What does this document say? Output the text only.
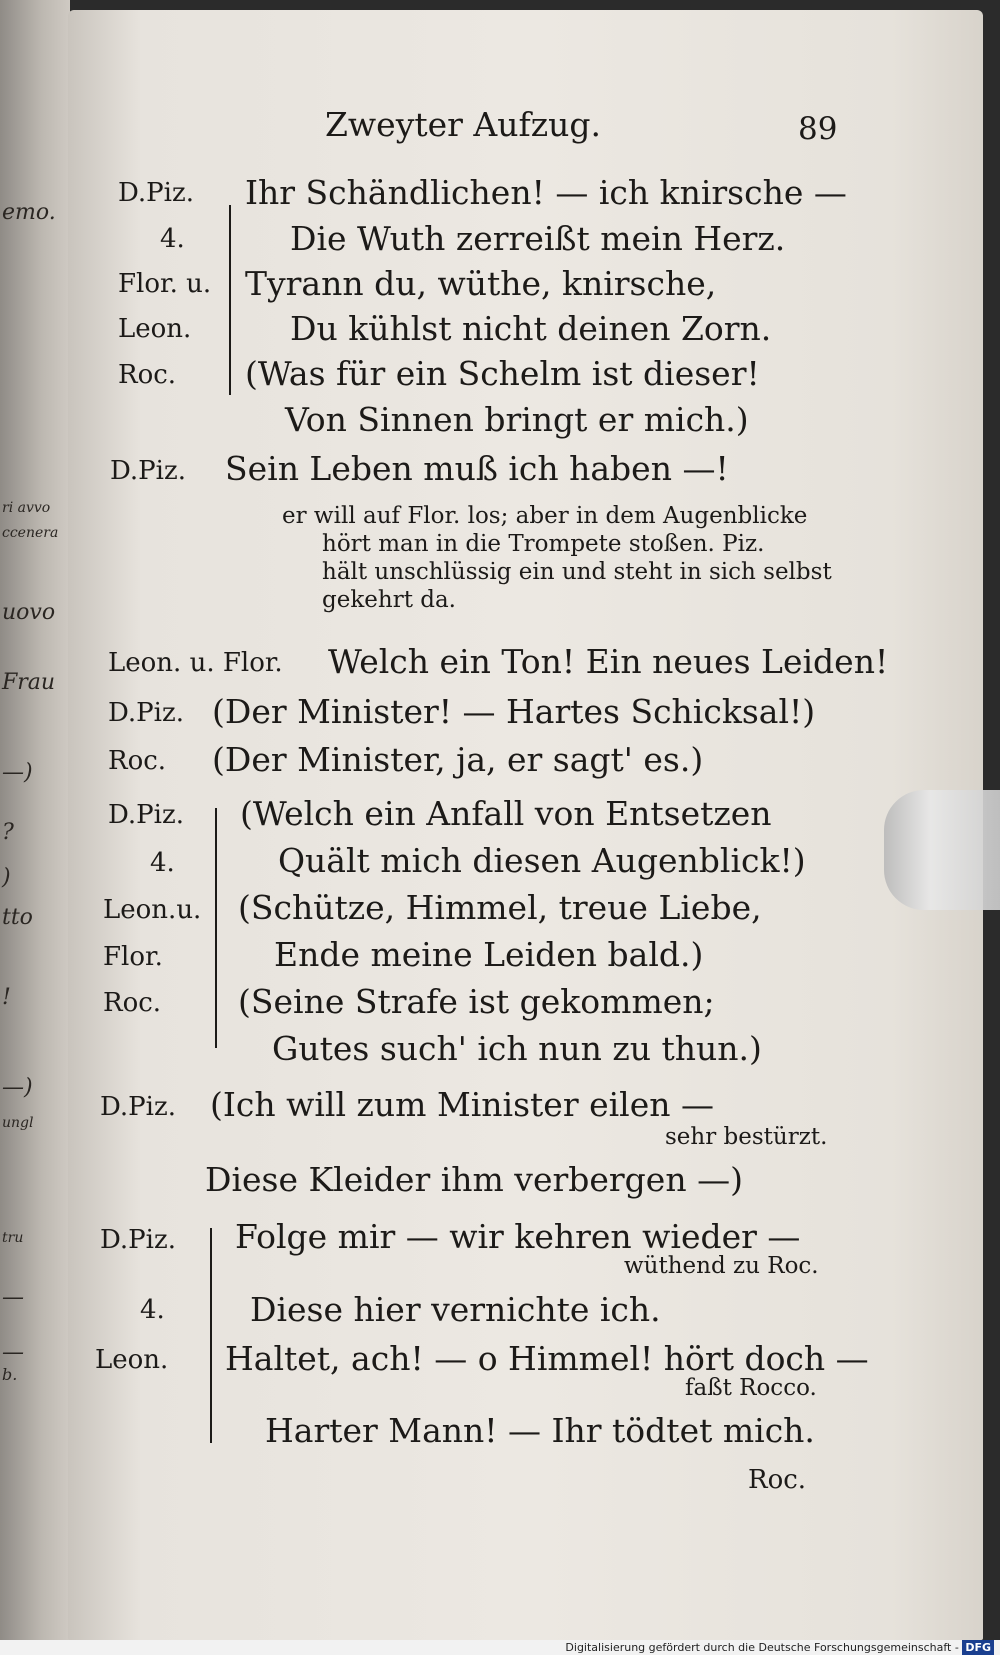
emo.
ri avvo
ccenera
uovo
Frau
—)
?
)
tto
!
—)
ungl
tru
—
—
b.
Zweyter Aufzug.	89
D.Piz. Ihr Schändlichen! — ich knirsche —
4.
Flor. u.
Leon.
Roc.
Die Wuth zerreißt mein Herz.
Tyrann du, wüthe, knirsche,
Du kühlst nicht deinen Zorn.
(Was für ein Schelm ist dieser!
Von Sinnen bringt er mich.)
D.Piz. Sein Leben muß ich haben —!
er will auf Flor. los; aber in dem Augenblicke
hört man in die Trompete stoßen. Piz.
hält unschlüssig ein und steht in sich selbst
gekehrt da.
Leon. u. Flor. Welch ein Ton! Ein neues Leiden!
D.Piz. (Der Minister! — Hartes Schicksal!)
Roc. (Der Minister, ja, er sagt' es.)
D.Piz.
4.
Leon.u.
Flor.
Roc.
(Welch ein Anfall von Entsetzen
Quält mich diesen Augenblick!)
(Schütze, Himmel, treue Liebe,
Ende meine Leiden bald.)
(Seine Strafe ist gekommen;
Gutes such' ich nun zu thun.)
D.Piz. (Ich will zum Minister eilen —
sehr bestürzt.
Diese Kleider ihm verbergen —)
D.Piz.
4.
Leon.
Folge mir — wir kehren wieder —
wüthend zu Roc.
Diese hier vernichte ich.
Haltet, ach! — o Himmel! hört doch —
faßt Rocco.
Harter Mann! — Ihr tödtet mich.
Roc.
Digitalisierung gefördert durch die Deutsche Forschungsgemeinschaft - DFG
